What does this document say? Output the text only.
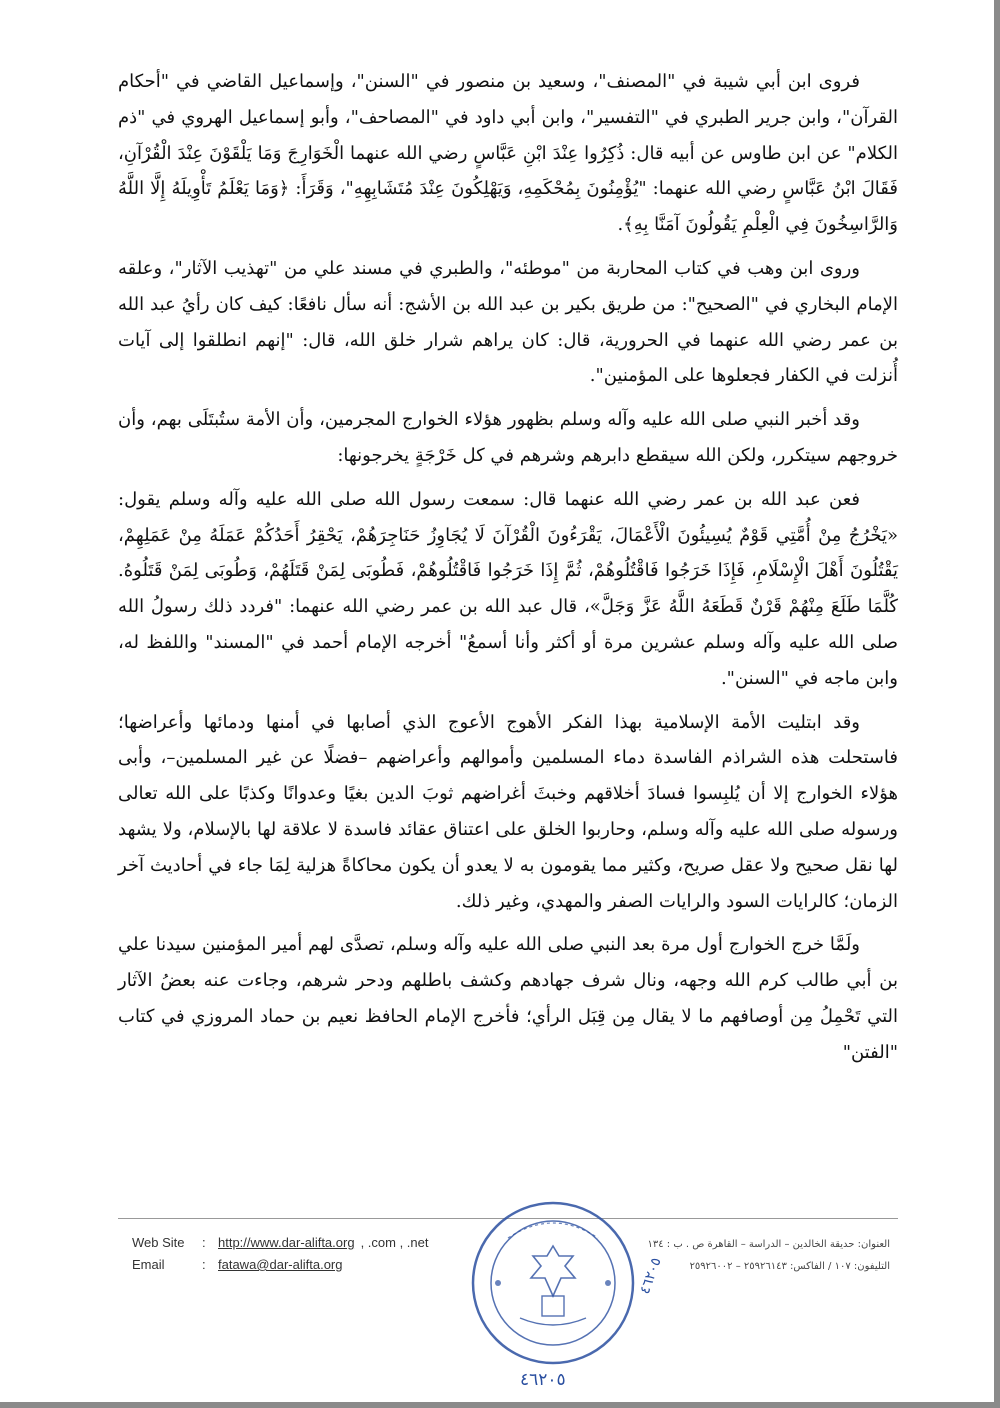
فروى ابن أبي شيبة في "المصنف"، وسعيد بن منصور في "السنن"، وإسماعيل القاضي في "أحكام القرآن"، وابن جرير الطبري في "التفسير"، وابن أبي داود في "المصاحف"، وأبو إسماعيل الهروي في "ذم الكلام" عن ابن طاوس عن أبيه قال: ذُكِرُوا عِنْدَ ابْنِ عَبَّاسٍ رضي الله عنهما الْخَوَارِجَ وَمَا يَلْقَوْنَ عِنْدَ الْقُرْآنِ، فَقَالَ ابْنُ عَبَّاسٍ رضي الله عنهما: "يُؤْمِنُونَ بِمُحْكَمِهِ، وَيَهْلِكُونَ عِنْدَ مُتَشَابِهِهِ"، وَقَرَأَ: ﴿وَمَا يَعْلَمُ تَأْوِيلَهُ إِلَّا اللَّهُ وَالرَّاسِخُونَ فِي الْعِلْمِ يَقُولُونَ آمَنَّا بِهِ﴾.

وروى ابن وهب في كتاب المحاربة من "موطئه"، والطبري في مسند علي من "تهذيب الآثار"، وعلقه الإمام البخاري في "الصحيح": من طريق بكير بن عبد الله بن الأشج: أنه سأل نافعًا: كيف كان رأيُ عبد الله بن عمر رضي الله عنهما في الحرورية، قال: كان يراهم شرار خلق الله، قال: "إنهم انطلقوا إلى آيات أُنزلت في الكفار فجعلوها على المؤمنين".

وقد أخبر النبي صلى الله عليه وآله وسلم بظهور هؤلاء الخوارج المجرمين، وأن الأمة ستُبتَلَى بهم، وأن خروجهم سيتكرر، ولكن الله سيقطع دابرهم وشرهم في كل خَرْجَةٍ يخرجونها:

فعن عبد الله بن عمر رضي الله عنهما قال: سمعت رسول الله صلى الله عليه وآله وسلم يقول: «يَخْرُجُ مِنْ أُمَّتِي قَوْمٌ يُسِيئُونَ الْأَعْمَالَ، يَقْرَءُونَ الْقُرْآنَ لَا يُجَاوِزُ حَنَاجِرَهُمْ، يَحْقِرُ أَحَدُكُمْ عَمَلَهُ مِنْ عَمَلِهِمْ، يَقْتُلُونَ أَهْلَ الْإِسْلَامِ، فَإِذَا خَرَجُوا فَاقْتُلُوهُمْ، ثُمَّ إِذَا خَرَجُوا فَاقْتُلُوهُمْ، فَطُوبَى لِمَنْ قَتَلَهُمْ، وَطُوبَى لِمَنْ قَتَلُوهُ. كُلَّمَا طَلَعَ مِنْهُمْ قَرْنٌ قَطَعَهُ اللَّهُ عَزَّ وَجَلَّ»، قال عبد الله بن عمر رضي الله عنهما: "فردد ذلك رسولُ الله صلى الله عليه وآله وسلم عشرين مرة أو أكثر وأنا أسمعُ" أخرجه الإمام أحمد في "المسند" واللفظ له، وابن ماجه في "السنن".

وقد ابتليت الأمة الإسلامية بهذا الفكر الأهوج الأعوج الذي أصابها في أمنها ودمائها وأعراضها؛ فاستحلت هذه الشراذم الفاسدة دماء المسلمين وأموالهم وأعراضهم –فضلًا عن غير المسلمين–، وأبى هؤلاء الخوارج إلا أن يُلبِسوا فسادَ أخلاقهم وخبثَ أغراضهم ثوبَ الدين بغيًا وعدوانًا وكذبًا على الله تعالى ورسوله صلى الله عليه وآله وسلم، وحاربوا الخلق على اعتناق عقائد فاسدة لا علاقة لها بالإسلام، ولا يشهد لها نقل صحيح ولا عقل صريح، وكثير مما يقومون به لا يعدو أن يكون محاكاةً هزلية لِمَا جاء في أحاديث آخر الزمان؛ كالرايات السود والرايات الصفر والمهدي، وغير ذلك.

ولَمَّا خرج الخوارج أول مرة بعد النبي صلى الله عليه وآله وسلم، تصدَّى لهم أمير المؤمنين سيدنا علي بن أبي طالب كرم الله وجهه، ونال شرف جهادهم وكشف باطلهم ودحر شرهم، وجاءت عنه بعضُ الآثار التي تَحْمِلُ مِن أوصافهم ما لا يقال مِن قِبَل الرأي؛ فأخرج الإمام الحافظ نعيم بن حماد المروزي في كتاب "الفتن"

Web Site	: http://www.dar-alifta.org , .com , .net
Email	: fatawa@dar-alifta.org
العنوان: حديقة الخالدين – الدراسة – القاهرة ص . ب : ١٣٤
التليفون: ١٠٧ / الفاكس: ٢٥٩٢٦١٤٣ – ٢٥٩٢٦٠٠٢
٤٦٢٠٥
٤٦٢٠٥
